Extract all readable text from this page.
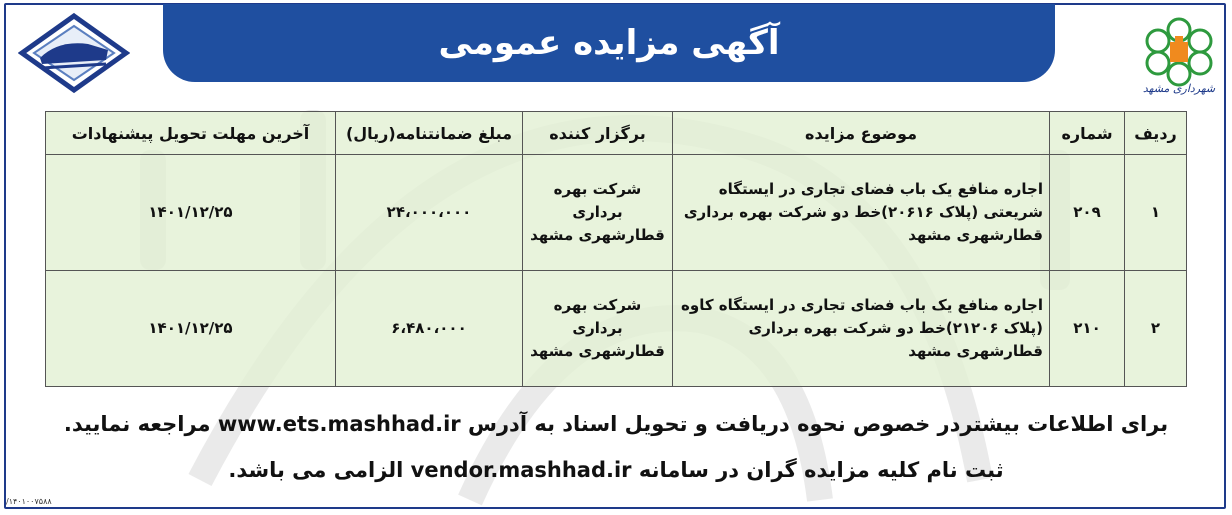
شهرداری مشهد
آگهی مزایده عمومی
ردیف	شماره	موضوع مزایده	برگزار کننده	مبلغ ضمانتنامه(ریال)	آخرین مهلت تحویل پیشنهادات
۱	۲۰۹	اجاره منافع یک باب فضای تجاری در ایستگاه شریعتی (پلاک ۲۰۶۱۶)خط دو شرکت بهره برداری قطارشهری مشهد	شرکت بهره برداری قطارشهری مشهد	۲۴،۰۰۰،۰۰۰	۱۴۰۱/۱۲/۲۵
۲	۲۱۰	اجاره منافع یک باب فضای تجاری در ایستگاه کاوه (پلاک ۲۱۲۰۶)خط دو شرکت بهره برداری قطارشهری مشهد	شرکت بهره برداری قطارشهری مشهد	۶،۴۸۰،۰۰۰	۱۴۰۱/۱۲/۲۵
برای اطلاعات بیشتردر خصوص نحوه دریافت و تحویل اسناد به آدرس www.ets.mashhad.ir مراجعه نمایید.
ثبت نام کلیه مزایده گران در سامانه vendor.mashhad.ir الزامی می باشد.
/۱۴۰۱۰۰۷۵۸۸
